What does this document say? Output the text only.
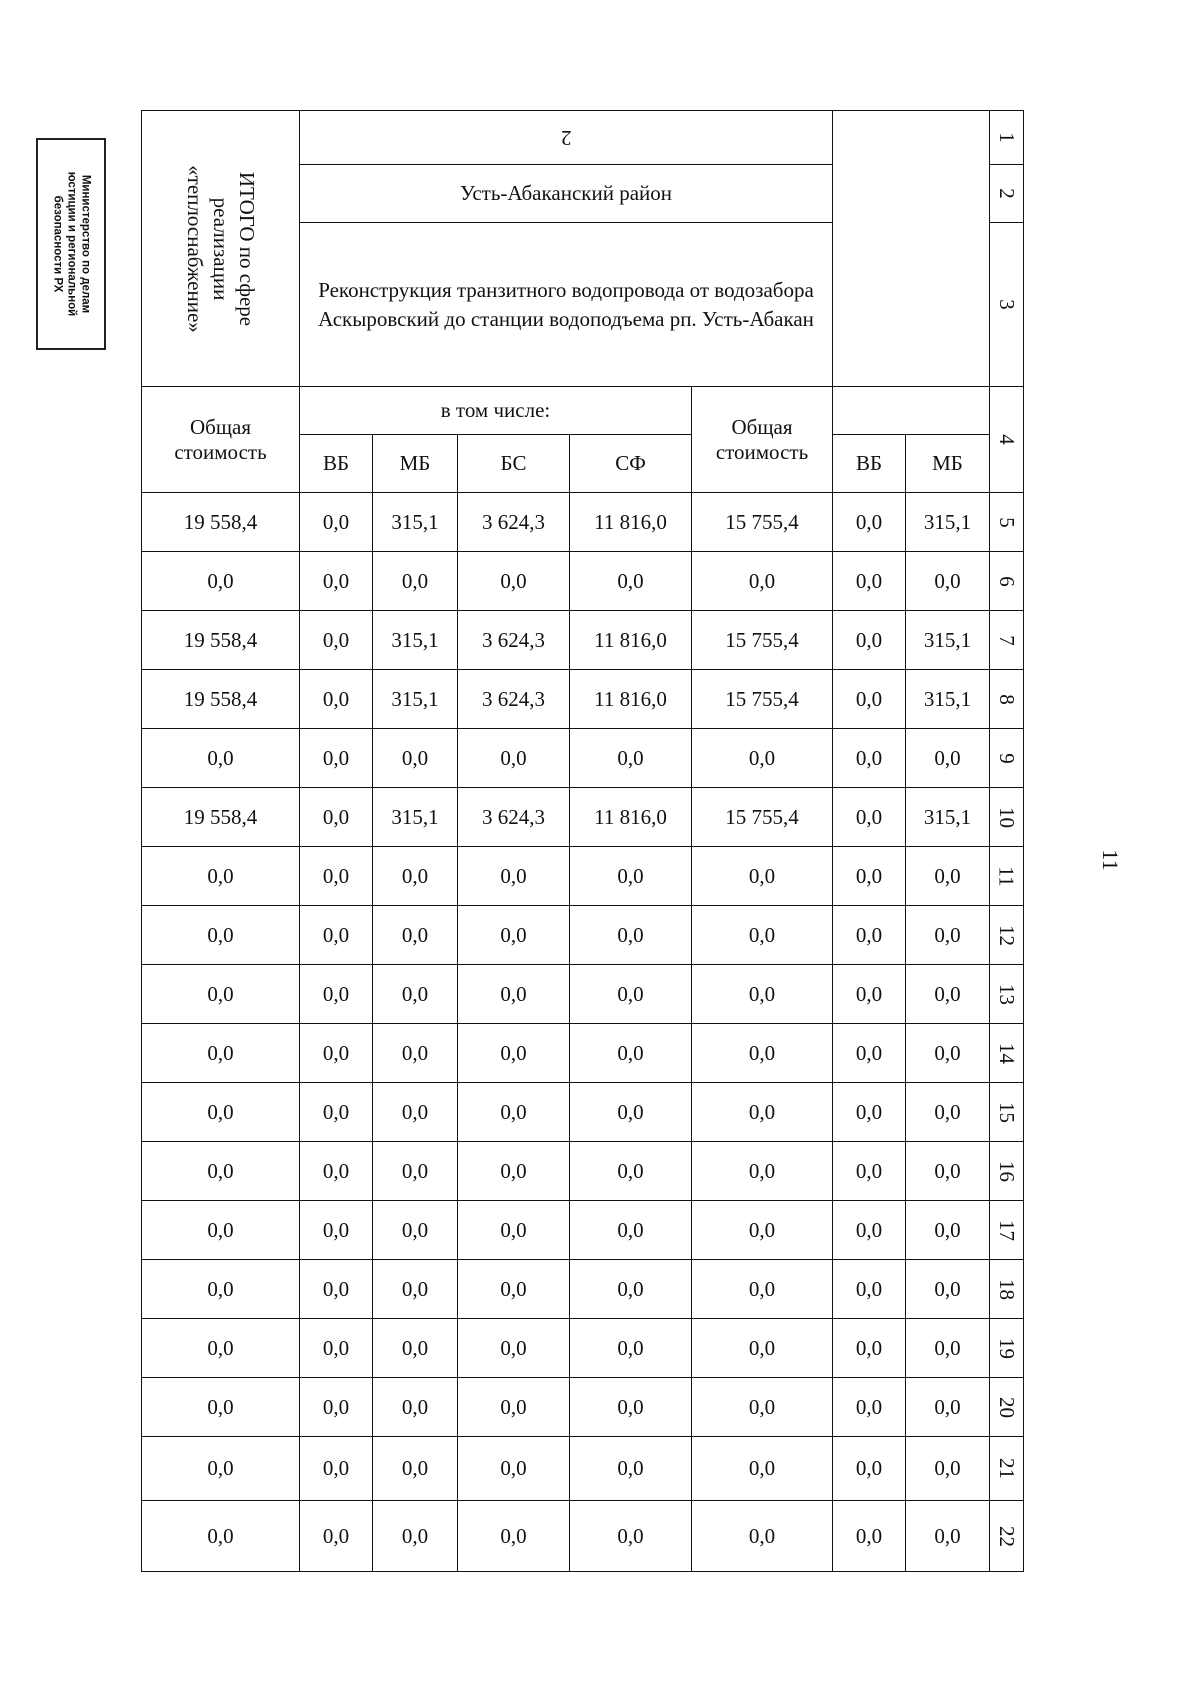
Министерство по делам
юстиции и региональной
безопасности РХ
11
ИТОГО по сфере реализации «теплоснабжение»	2							1
	Усть-Абаканский район							2
	Реконструкция транзитного водопровода от водозабора Аскыровский до станции водоподъема рп. Усть-Абакан							3
Общая стоимость	в том числе:				Общая стоимость			4
	ВБ	МБ	БС	СФ		ВБ	МБ	
19 558,4	0,0	315,1	3 624,3	11 816,0	15 755,4	0,0	315,1	5
0,0	0,0	0,0	0,0	0,0	0,0	0,0	0,0	6
19 558,4	0,0	315,1	3 624,3	11 816,0	15 755,4	0,0	315,1	7
19 558,4	0,0	315,1	3 624,3	11 816,0	15 755,4	0,0	315,1	8
0,0	0,0	0,0	0,0	0,0	0,0	0,0	0,0	9
19 558,4	0,0	315,1	3 624,3	11 816,0	15 755,4	0,0	315,1	10
0,0	0,0	0,0	0,0	0,0	0,0	0,0	0,0	11
0,0	0,0	0,0	0,0	0,0	0,0	0,0	0,0	12
0,0	0,0	0,0	0,0	0,0	0,0	0,0	0,0	13
0,0	0,0	0,0	0,0	0,0	0,0	0,0	0,0	14
0,0	0,0	0,0	0,0	0,0	0,0	0,0	0,0	15
0,0	0,0	0,0	0,0	0,0	0,0	0,0	0,0	16
0,0	0,0	0,0	0,0	0,0	0,0	0,0	0,0	17
0,0	0,0	0,0	0,0	0,0	0,0	0,0	0,0	18
0,0	0,0	0,0	0,0	0,0	0,0	0,0	0,0	19
0,0	0,0	0,0	0,0	0,0	0,0	0,0	0,0	20
0,0	0,0	0,0	0,0	0,0	0,0	0,0	0,0	21
0,0	0,0	0,0	0,0	0,0	0,0	0,0	0,0	22
